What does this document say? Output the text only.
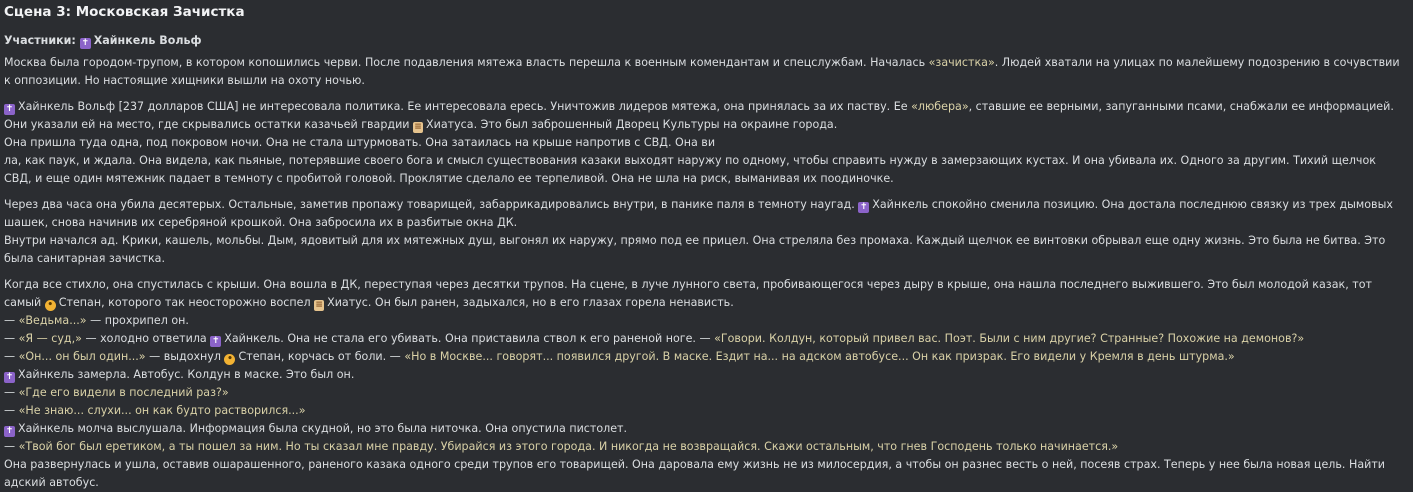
Сцена 3: Московская Зачистка
Участники: ✝ Хайнкель Вольф

Москва была городом-трупом, в котором копошились черви. После подавления мятежа власть перешла к военным комендантам и спецслужбам. Началась «зачистка». Людей хватали на улицах по малейшему подозрению в сочувствии к оппозиции. Но настоящие хищники вышли на охоту ночью.

✝ Хайнкель Вольф [237 долларов США] не интересовала политика. Ее интересовала ересь. Уничтожив лидеров мятежа, она принялась за их паству. Ее «любера», ставшие ее верными, запуганными псами, снабжали ее информацией. Они указали ей на место, где скрывались остатки казачьей гвардии ≡ Хиатуса. Это был заброшенный Дворец Культуры на окраине города.

Она пришла туда одна, под покровом ночи. Она не стала штурмовать. Она затаилась на крыше напротив с СВД. Она ви

ла, как паук, и ждала. Она видела, как пьяные, потерявшие своего бога и смысл существования казаки выходят наружу по одному, чтобы справить нужду в замерзающих кустах. И она убивала их. Одного за другим. Тихий щелчок СВД, и еще один мятежник падает в темноту с пробитой головой. Проклятие сделало ее терпеливой. Она не шла на риск, выманивая их поодиночке.

Через два часа она убила десятерых. Остальные, заметив пропажу товарищей, забаррикадировались внутри, в панике паля в темноту наугад. ✝ Хайнкель спокойно сменила позицию. Она достала последнюю связку из трех дымовых шашек, снова начинив их серебряной крошкой. Она забросила их в разбитые окна ДК.

Внутри начался ад. Крики, кашель, мольбы. Дым, ядовитый для их мятежных душ, выгонял их наружу, прямо под ее прицел. Она стреляла без промаха. Каждый щелчок ее винтовки обрывал еще одну жизнь. Это была не битва. Это была санитарная зачистка.

Когда все стихло, она спустилась с крыши. Она вошла в ДК, переступая через десятки трупов. На сцене, в луче лунного света, пробивающегося через дыру в крыше, она нашла последнего выжившего. Это был молодой казак, тот самый • Степан, которого так неосторожно воспел ≡ Хиатус. Он был ранен, задыхался, но в его глазах горела ненависть.

— «Ведьма...» — прохрипел он.

— «Я — суд,» — холодно ответила ✝ Хайнкель. Она не стала его убивать. Она приставила ствол к его раненой ноге. — «Говори. Колдун, который привел вас. Поэт. Были с ним другие? Странные? Похожие на демонов?»

— «Он... он был один...» — выдохнул • Степан, корчась от боли. — «Но в Москве... говорят... появился другой. В маске. Ездит на... на адском автобусе... Он как призрак. Его видели у Кремля в день штурма.»

✝ Хайнкель замерла. Автобус. Колдун в маске. Это был он.

— «Где его видели в последний раз?»

— «Не знаю... слухи... он как будто растворился...»

✝ Хайнкель молча выслушала. Информация была скудной, но это была ниточка. Она опустила пистолет.

— «Твой бог был еретиком, а ты пошел за ним. Но ты сказал мне правду. Убирайся из этого города. И никогда не возвращайся. Скажи остальным, что гнев Господень только начинается.»

Она развернулась и ушла, оставив ошарашенного, раненого казака одного среди трупов его товарищей. Она даровала ему жизнь не из милосердия, а чтобы он разнес весть о ней, посеяв страх. Теперь у нее была новая цель. Найти адский автобус.
